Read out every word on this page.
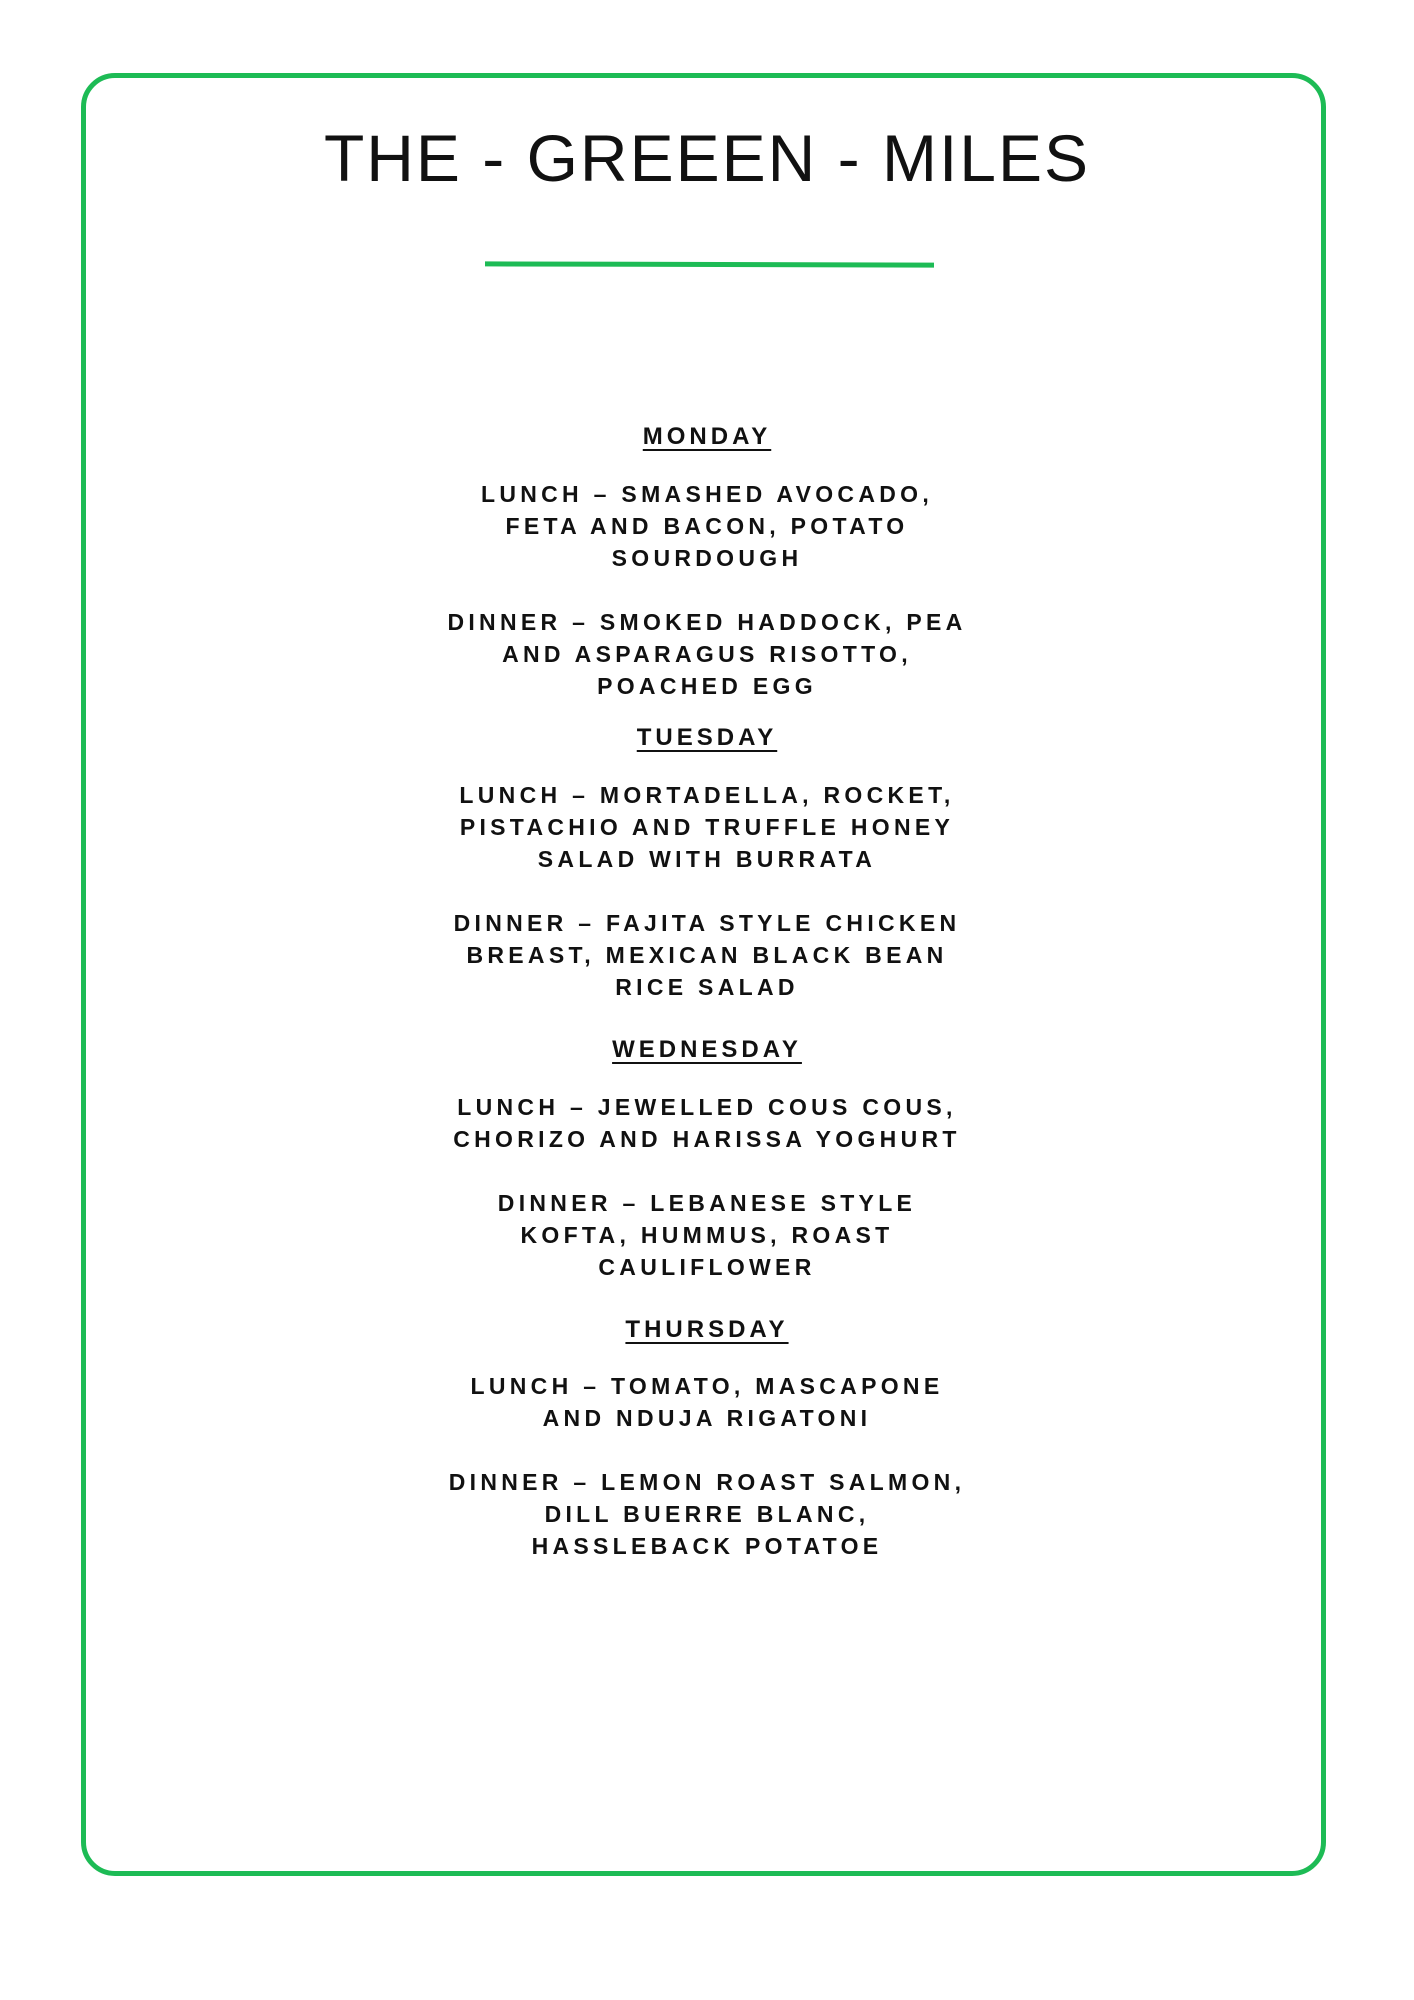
THE - GREEEN - MILES
MONDAY
LUNCH – SMASHED AVOCADO, FETA AND BACON, POTATO SOURDOUGH
DINNER – SMOKED HADDOCK, PEA AND ASPARAGUS RISOTTO, POACHED EGG
TUESDAY
LUNCH – MORTADELLA, ROCKET, PISTACHIO AND TRUFFLE HONEY SALAD WITH BURRATA
DINNER – FAJITA STYLE CHICKEN BREAST, MEXICAN BLACK BEAN RICE SALAD
WEDNESDAY
LUNCH – JEWELLED COUS COUS, CHORIZO AND HARISSA YOGHURT
DINNER – LEBANESE STYLE KOFTA, HUMMUS, ROAST CAULIFLOWER
THURSDAY
LUNCH – TOMATO, MASCAPONE AND NDUJA RIGATONI
DINNER – LEMON ROAST SALMON, DILL BUERRE BLANC, HASSLEBACK POTATOE
